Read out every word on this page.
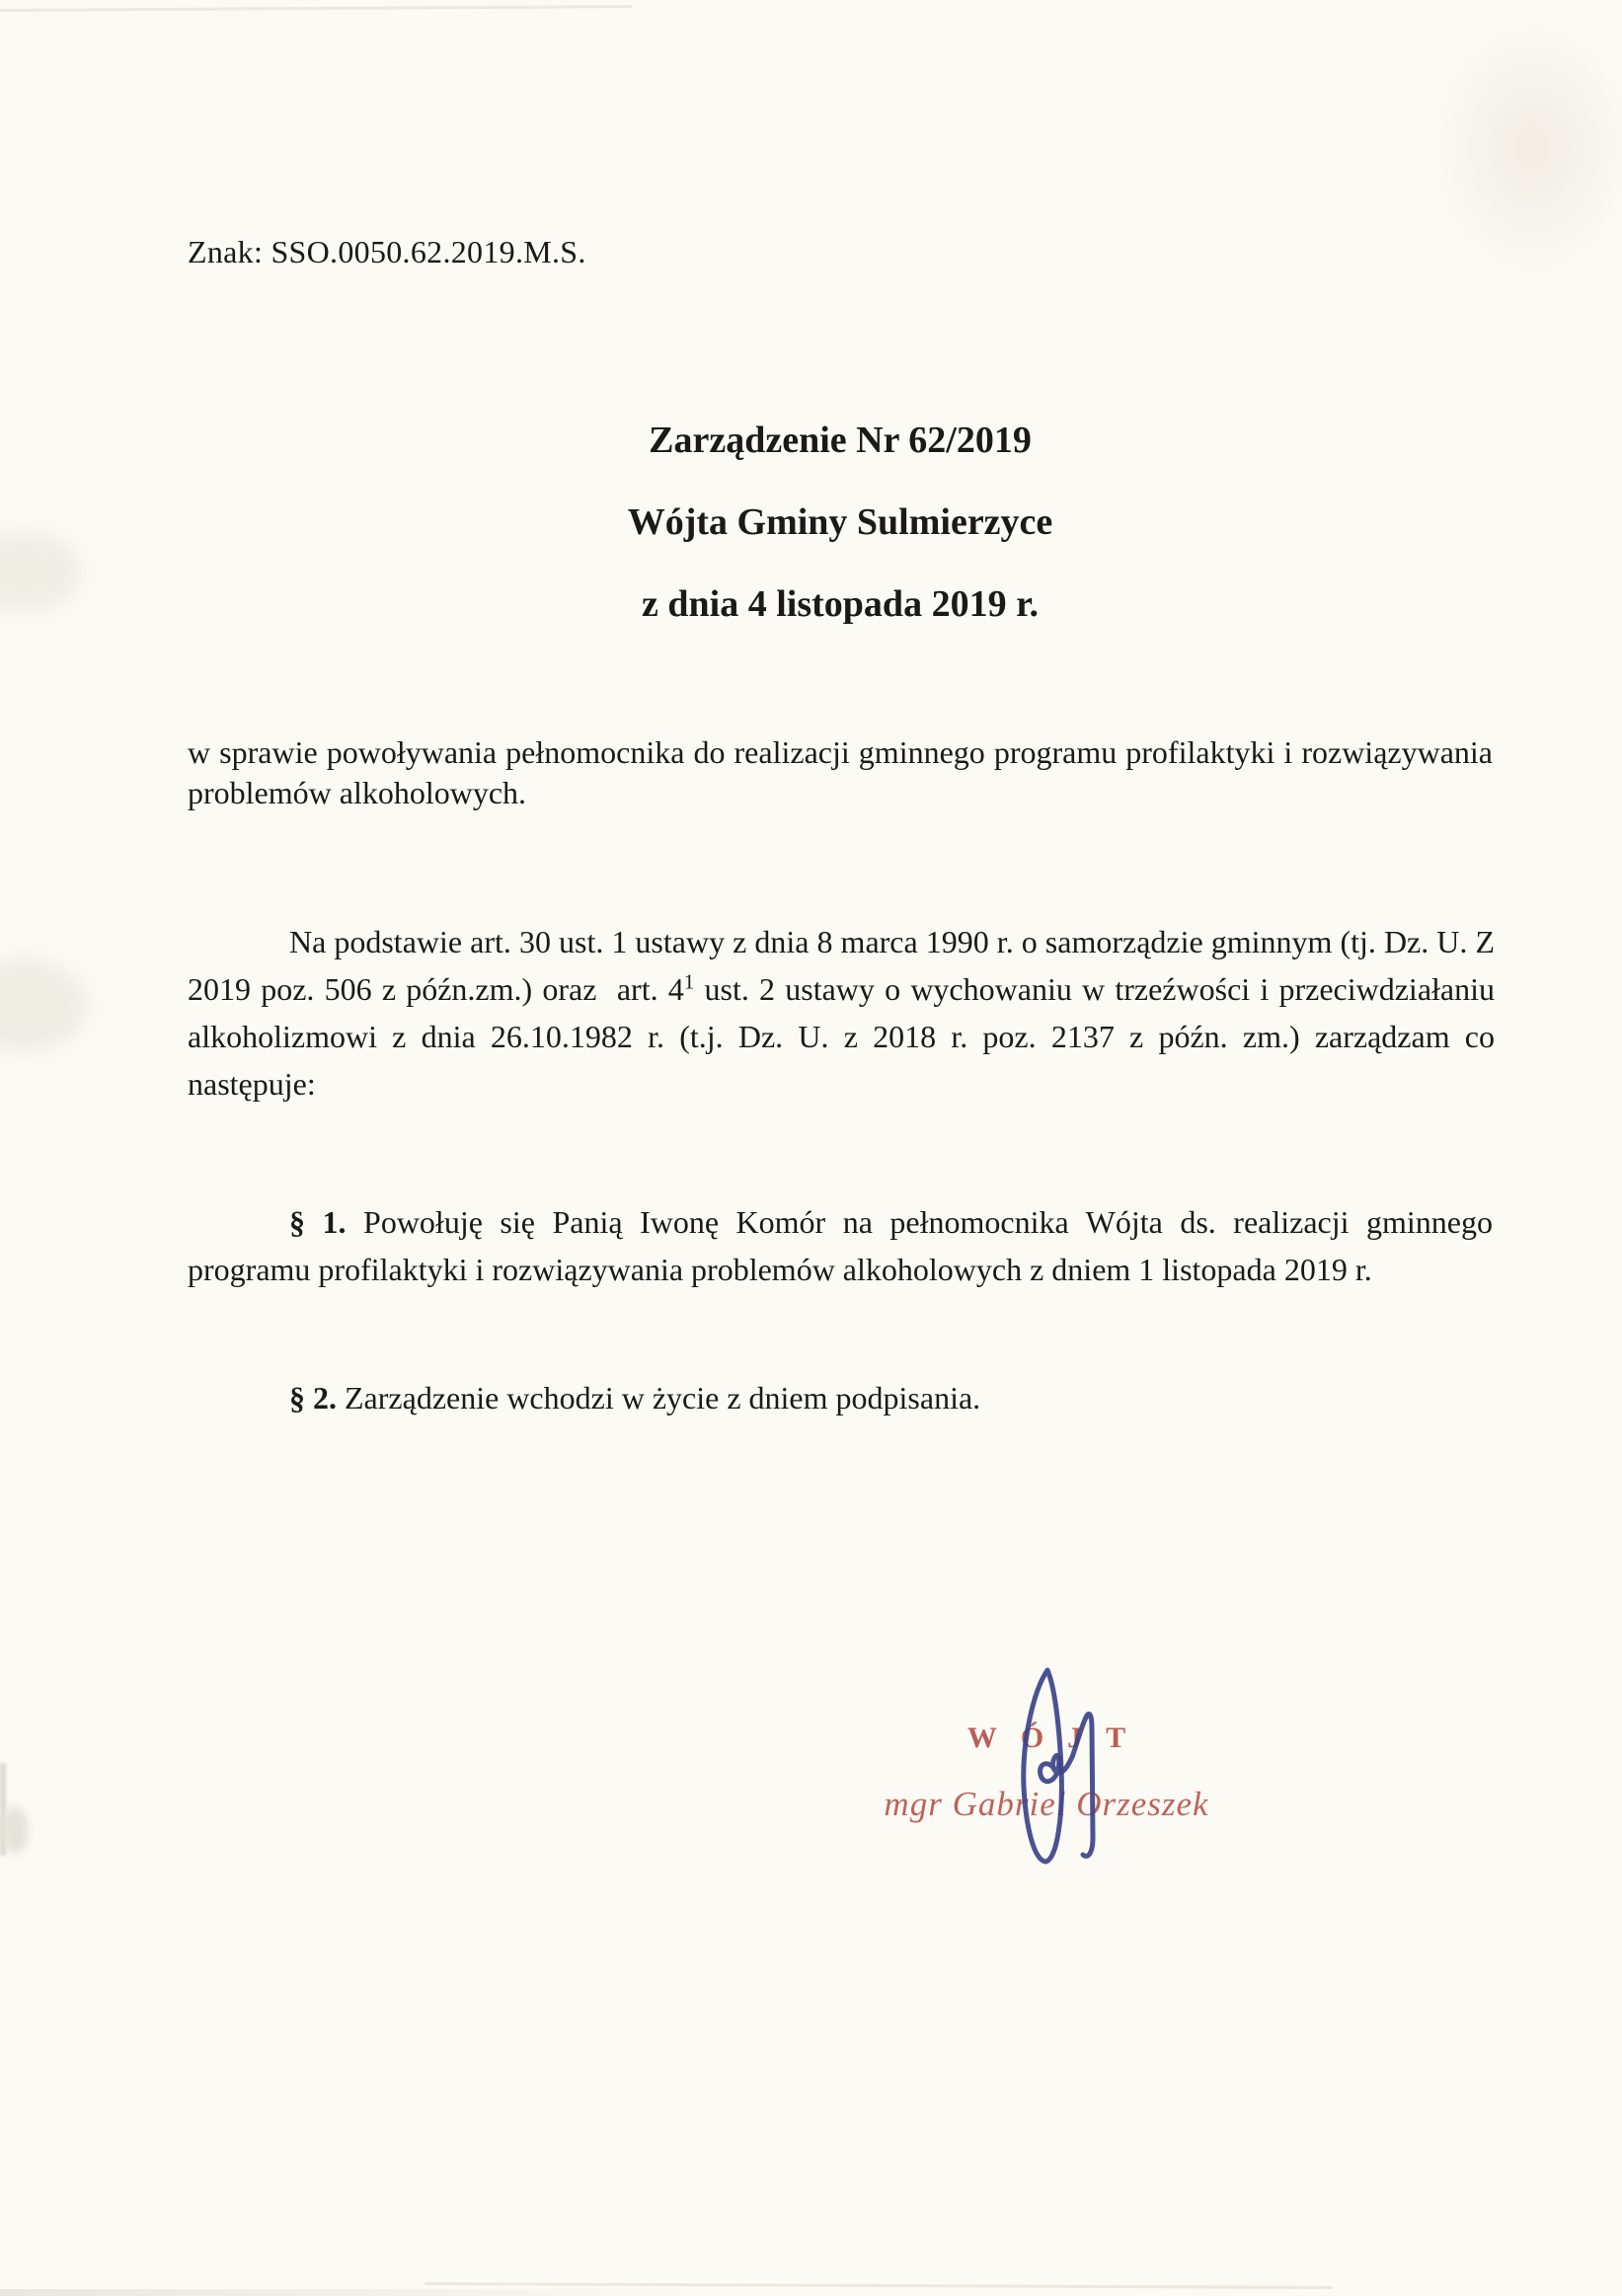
Znak: SSO.0050.62.2019.M.S.
Zarządzenie Nr 62/2019
Wójta Gminy Sulmierzyce
z dnia 4 listopada 2019 r.

w sprawie powoływania pełnomocnika do realizacji gminnego programu profilaktyki i rozwiązywania problemów alkoholowych.

Na podstawie art. 30 ust. 1 ustawy z dnia 8 marca 1990 r. o samorządzie gminnym (tj. Dz. U. Z 2019 poz. 506 z późn.zm.) oraz  art. $4^1$ ust. 2 ustawy o wychowaniu w trzeźwości i przeciwdziałaniu alkoholizmowi z dnia 26.10.1982 r. (t.j. Dz. U. z 2018 r. poz. 2137 z późn. zm.) zarządzam co następuje:

§ 1. Powołuję się Panią Iwonę Komór na pełnomocnika Wójta ds. realizacji gminnego programu profilaktyki i rozwiązywania problemów alkoholowych z dniem 1 listopada 2019 r.

§ 2. Zarządzenie wchodzi w życie z dniem podpisania.

WÓJT
mgr Gabriel Orzeszek
